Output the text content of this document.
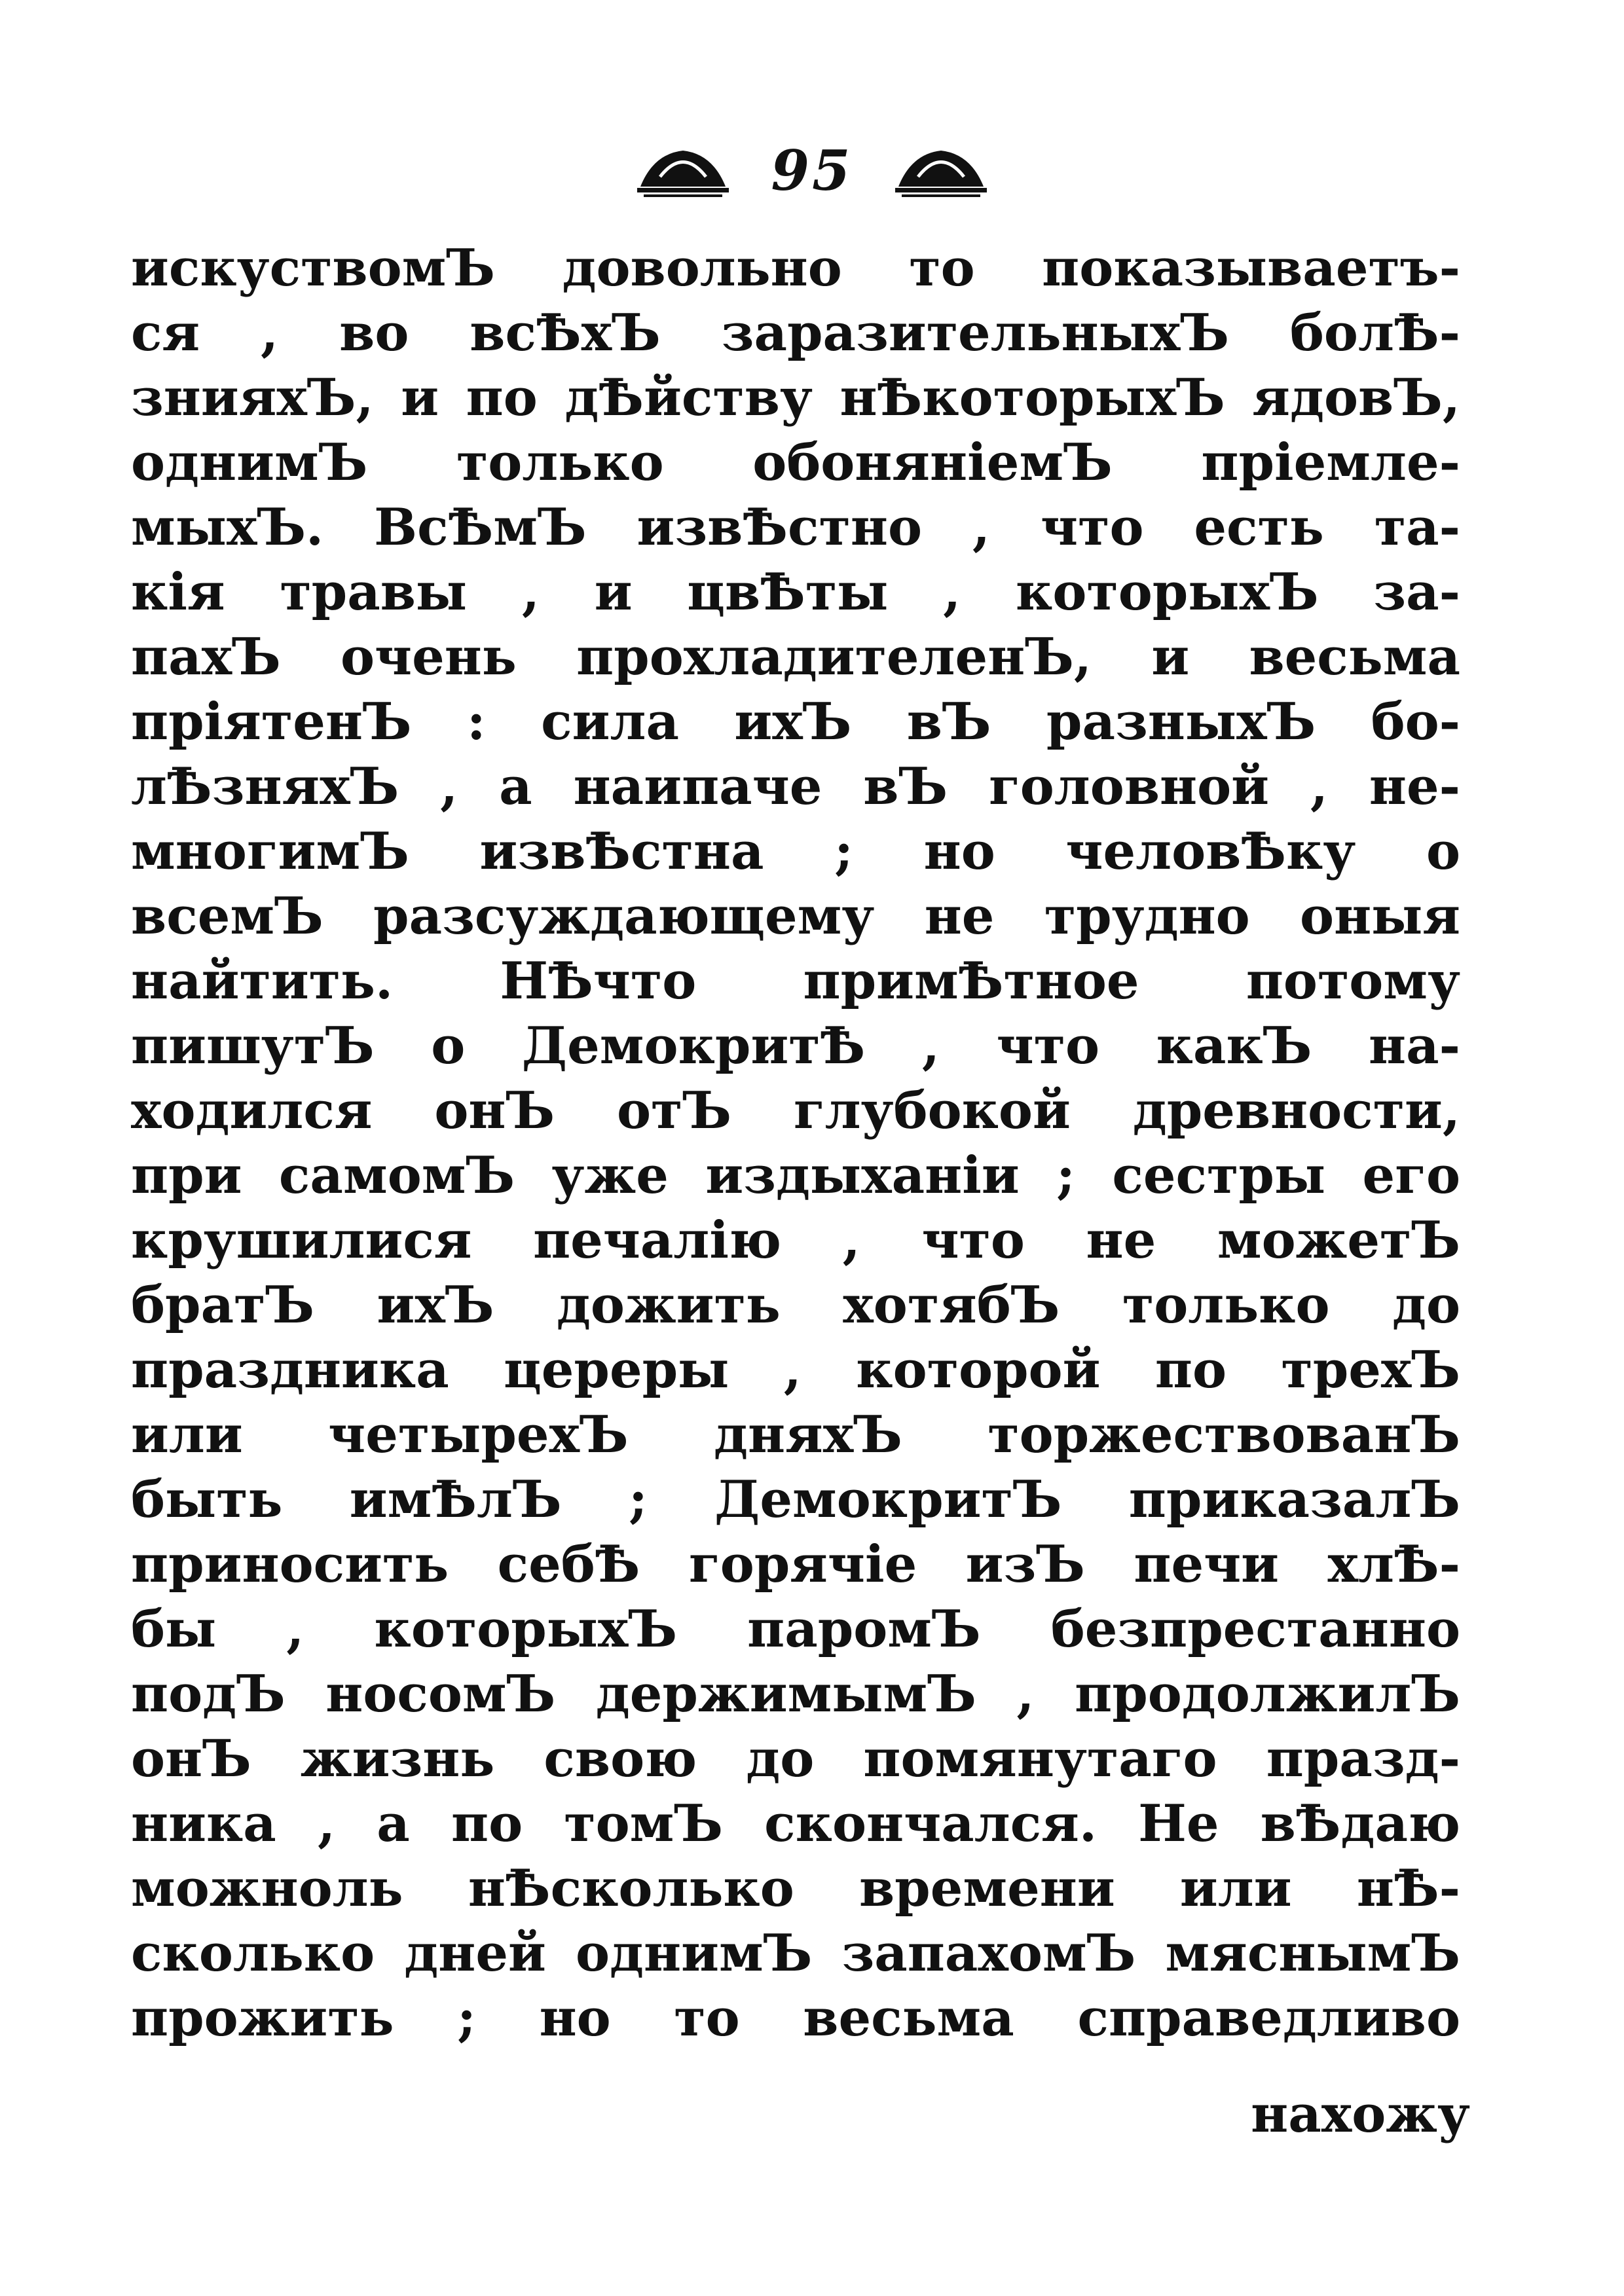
95
искуствомЪ довольно то показываетъ-
ся , во всѢхЪ заразительныхЪ болѢ-
знияхЪ, и по дѢйству нѢкоторыхЪ ядовЪ,
однимЪ только обоняніемЪ пріемле-
мыхЪ. ВсѢмЪ извѢстно , что есть та-
кія травы , и цвѢты , которыхЪ за-
пахЪ очень прохладителенЪ, и весьма
пріятенЪ : сила ихЪ вЪ разныхЪ бо-
лѢзняхЪ , а наипаче вЪ головной , не-
многимЪ извѢстна ; но человѢку о
всемЪ разсуждающему не трудно оныя
найтить. НѢчто примѢтное потому
пишутЪ о ДемокритѢ , что какЪ на-
ходился онЪ отЪ глубокой древности,
при самомЪ уже издыханіи ; сестры его
крушилися печалію , что не можетЪ
братЪ ихЪ дожить хотябЪ только до
праздника цереры , которой по трехЪ
или четырехЪ дняхЪ торжествованЪ
быть имѢлЪ ; ДемокритЪ приказалЪ
приносить себѢ горячіе изЪ печи хлѢ-
бы , которыхЪ паромЪ безпрестанно
подЪ носомЪ держимымЪ , продолжилЪ
онЪ жизнь свою до помянутаго празд-
ника , а по томЪ скончался. Не вѢдаю
можноль нѢсколько времени или нѢ-
сколько дней однимЪ запахомЪ мяснымЪ
прожить ; но то весьма справедливо
нахожу
